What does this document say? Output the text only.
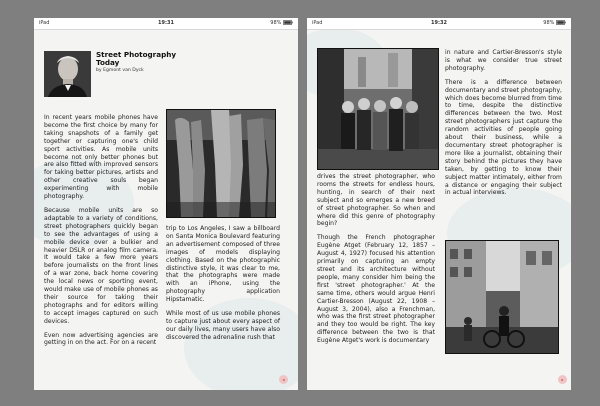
iPad	19:31	98%
Street Photography Today
by Egmont van Dyck

In recent years mobile phones have become the first choice by many for taking snapshots of a family get together or capturing one's child sport activities. As mobile units become not only better phones but are also fitted with improved sensors for taking better pictures, artists and other creative souls began experimenting with mobile photography.

Because mobile units are so adaptable to a variety of conditions, street photographers quickly began to see the advantages of using a mobile device over a bulkier and heavier DSLR or analog film camera. It would take a few more years before journalists on the front lines of a war zone, back home covering the local news or sporting event, would make use of mobile phones as their source for taking their photographs and for editors willing to accept images captured on such devices.

Even now advertising agencies are getting in on the act. For on a recent

trip to Los Angeles, I saw a billboard on Santa Monica Boulevard featuring an advertisement composed of three images of models displaying clothing. Based on the photographic distinctive style, it was clear to me, that the photographs were made with an iPhone, using the photography application Hipstamatic.

While most of us use mobile phones to capture just about every aspect of our daily lives, many users have also discovered the adrenaline rush that

◂
iPad	19:32	98%

drives the street photographer, who rooms the streets for endless hours, hunting, in search of their next subject and so emerges a new breed of street photographer. So when and where did this genre of photography begin?

Though the French photographer Eugène Atget (February 12, 1857 – August 4, 1927) focused his attention primarily on capturing an empty street and its architecture without people, many consider him being the first 'street photographer.' At the same time, others would argue Henri Cartier-Bresson (August 22, 1908 – August 3, 2004), also a Frenchman, who was the first street photographer and they too would be right. The key difference between the two is that Eugène Atget's work is documentary

in nature and Cartier-Bresson's style is what we consider true street photography.

There is a difference between documentary and street photography, which does become blurred from time to time, despite the distinctive differences between the two. Most street photographers just capture the random activities of people going about their business, while a documentary street photographer is more like a journalist, obtaining their story behind the pictures they have taken, by getting to know their subject matter intimately, either from a distance or engaging their subject in actual interviews.

▸
